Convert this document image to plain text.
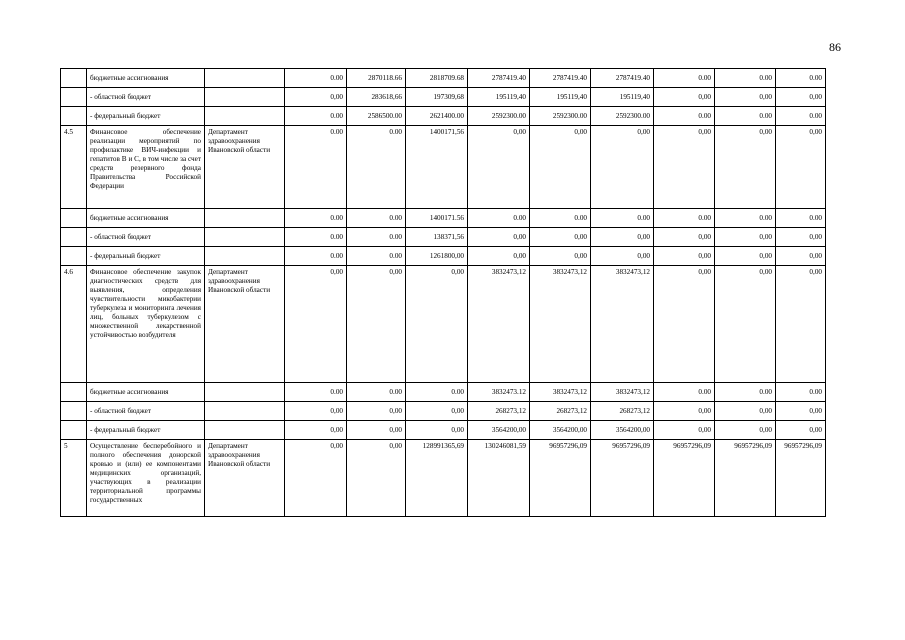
86
	бюджетные ассигнования		0.00	2870118.66	2818709.68	2787419.40	2787419.40	2787419.40	0.00	0.00	0.00
	- областной бюджет		0,00	283618,66	197309,68	195119,40	195119,40	195119,40	0,00	0,00	0,00
	- федеральный бюджет		0.00	2586500.00	2621400.00	2592300.00	2592300.00	2592300.00	0.00	0.00	0.00
4.5	Финансовое обеспечение реализации мероприятий по профилактике ВИЧ-инфекции и гепатитов В и С, в том числе за счет средств резервного фонда Правительства Российской Федерации	Департамент здравоохранения Ивановской области	0.00	0.00	1400171,56	0,00	0,00	0,00	0,00	0,00	0,00
	бюджетные ассигнования		0.00	0.00	1400171.56	0.00	0.00	0.00	0.00	0.00	0.00
	- областной бюджет		0.00	0.00	138371,56	0,00	0,00	0,00	0,00	0,00	0,00
	- федеральный бюджет		0.00	0.00	1261800,00	0,00	0,00	0,00	0,00	0,00	0,00
4.6	Финансовое обеспечение закупок диагностических средств для выявления, определения чувствительности микобактерии туберкулеза и мониторинга лечения лиц, больных туберкулезом с множественной лекарственной устойчивостью возбудителя	Департамент здравоохранения Ивановской области	0,00	0,00	0,00	3832473,12	3832473,12	3832473,12	0,00	0,00	0,00
	бюджетные ассигнования		0.00	0.00	0.00	3832473.12	3832473,12	3832473,12	0.00	0.00	0.00
	- областной бюджет		0,00	0,00	0,00	268273,12	268273,12	268273,12	0,00	0,00	0,00
	- федеральный бюджет		0,00	0,00	0,00	3564200,00	3564200,00	3564200,00	0,00	0,00	0,00
5	Осуществление бесперебойного и полного обеспечения донорской кровью и (или) ее компонентами медицинских организаций, участвующих в реализации территориальной программы государственных	Департамент здравоохранения Ивановской области	0,00	0,00	128991365,69	130246081,59	96957296,09	96957296,09	96957296,09	96957296,09	96957296,09
